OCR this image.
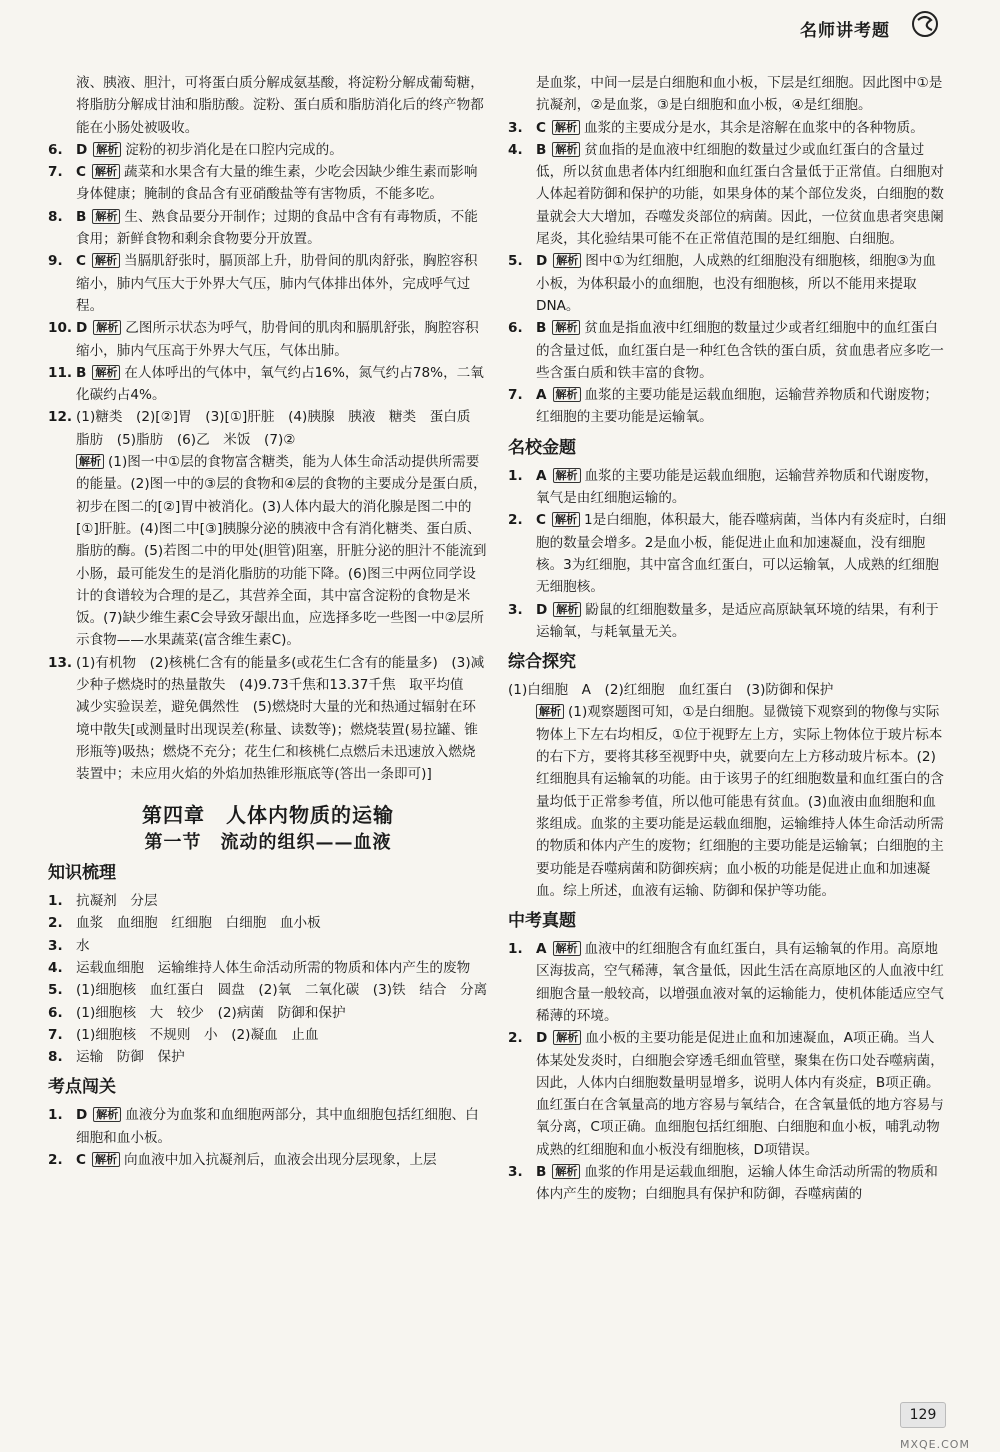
名师讲考题
液、胰液、胆汁，可将蛋白质分解成氨基酸，将淀粉分解成葡萄糖，将脂肪分解成甘油和脂肪酸。淀粉、蛋白质和脂肪消化后的终产物都能在小肠处被吸收。
6. D 解析 淀粉的初步消化是在口腔内完成的。
7. C 解析 蔬菜和水果含有大量的维生素，少吃会因缺少维生素而影响身体健康；腌制的食品含有亚硝酸盐等有害物质，不能多吃。
8. B 解析 生、熟食品要分开制作；过期的食品中含有有毒物质，不能食用；新鲜食物和剩余食物要分开放置。
9. C 解析 当膈肌舒张时，膈顶部上升，肋骨间的肌肉舒张，胸腔容积缩小，肺内气压大于外界大气压，肺内气体排出体外，完成呼气过程。
10. D 解析 乙图所示状态为呼气，肋骨间的肌肉和膈肌舒张，胸腔容积缩小，肺内气压高于外界大气压，气体出肺。
11. B 解析 在人体呼出的气体中，氧气约占16%，氮气约占78%，二氧化碳约占4%。
12. (1)糖类　(2)[②]胃　(3)[①]肝脏　(4)胰腺　胰液　糖类　蛋白质　脂肪　(5)脂肪　(6)乙　米饭　(7)②
解析 (1)图一中①层的食物富含糖类，能为人体生命活动提供所需要的能量。(2)图一中的③层的食物和④层的食物的主要成分是蛋白质，初步在图二的[②]胃中被消化。(3)人体内最大的消化腺是图二中的[①]肝脏。(4)图二中[③]胰腺分泌的胰液中含有消化糖类、蛋白质、脂肪的酶。(5)若图二中的甲处(胆管)阻塞，肝脏分泌的胆汁不能流到小肠，最可能发生的是消化脂肪的功能下降。(6)图三中两位同学设计的食谱较为合理的是乙，其营养全面，其中富含淀粉的食物是米饭。(7)缺少维生素C会导致牙龈出血，应选择多吃一些图一中②层所示食物——水果蔬菜(富含维生素C)。
13. (1)有机物　(2)核桃仁含有的能量多(或花生仁含有的能量多)　(3)减少种子燃烧时的热量散失　(4)9.73千焦和13.37千焦　取平均值　减少实验误差，避免偶然性　(5)燃烧时大量的光和热通过辐射在环境中散失[或测量时出现误差(称量、读数等)；燃烧装置(易拉罐、锥形瓶等)吸热；燃烧不充分；花生仁和核桃仁点燃后未迅速放入燃烧装置中；未应用火焰的外焰加热锥形瓶底等(答出一条即可)]
第四章　人体内物质的运输
第一节　流动的组织——血液
知识梳理
1. 抗凝剂　分层
2. 血浆　血细胞　红细胞　白细胞　血小板
3. 水
4. 运载血细胞　运输维持人体生命活动所需的物质和体内产生的废物
5. (1)细胞核　血红蛋白　圆盘　(2)氧　二氧化碳　(3)铁　结合　分离
6. (1)细胞核　大　较少　(2)病菌　防御和保护
7. (1)细胞核　不规则　小　(2)凝血　止血
8. 运输　防御　保护
考点闯关
1. D 解析 血液分为血浆和血细胞两部分，其中血细胞包括红细胞、白细胞和血小板。
2. C 解析 向血液中加入抗凝剂后，血液会出现分层现象，上层
是血浆，中间一层是白细胞和血小板，下层是红细胞。因此图中①是抗凝剂，②是血浆，③是白细胞和血小板，④是红细胞。
3. C 解析 血浆的主要成分是水，其余是溶解在血浆中的各种物质。
4. B 解析 贫血指的是血液中红细胞的数量过少或血红蛋白的含量过低，所以贫血患者体内红细胞和血红蛋白含量低于正常值。白细胞对人体起着防御和保护的功能，如果身体的某个部位发炎，白细胞的数量就会大大增加，吞噬发炎部位的病菌。因此，一位贫血患者突患阑尾炎，其化验结果可能不在正常值范围的是红细胞、白细胞。
5. D 解析 图中①为红细胞，人成熟的红细胞没有细胞核，细胞③为血小板，为体积最小的血细胞，也没有细胞核，所以不能用来提取DNA。
6. B 解析 贫血是指血液中红细胞的数量过少或者红细胞中的血红蛋白的含量过低，血红蛋白是一种红色含铁的蛋白质，贫血患者应多吃一些含蛋白质和铁丰富的食物。
7. A 解析 血浆的主要功能是运载血细胞，运输营养物质和代谢废物；红细胞的主要功能是运输氧。
名校金题
1. A 解析 血浆的主要功能是运载血细胞，运输营养物质和代谢废物，氧气是由红细胞运输的。
2. C 解析 1是白细胞，体积最大，能吞噬病菌，当体内有炎症时，白细胞的数量会增多。2是血小板，能促进止血和加速凝血，没有细胞核。3为红细胞，其中富含血红蛋白，可以运输氧，人成熟的红细胞无细胞核。
3. D 解析 鼢鼠的红细胞数量多，是适应高原缺氧环境的结果，有利于运输氧，与耗氧量无关。
综合探究
(1)白细胞　A　(2)红细胞　血红蛋白　(3)防御和保护
解析 (1)观察题图可知，①是白细胞。显微镜下观察到的物像与实际物体上下左右均相反，①位于视野左上方，实际上物体位于玻片标本的右下方，要将其移至视野中央，就要向左上方移动玻片标本。(2)红细胞具有运输氧的功能。由于该男子的红细胞数量和血红蛋白的含量均低于正常参考值，所以他可能患有贫血。(3)血液由血细胞和血浆组成。血浆的主要功能是运载血细胞，运输维持人体生命活动所需的物质和体内产生的废物；红细胞的主要功能是运输氧；白细胞的主要功能是吞噬病菌和防御疾病；血小板的功能是促进止血和加速凝血。综上所述，血液有运输、防御和保护等功能。
中考真题
1. A 解析 血液中的红细胞含有血红蛋白，具有运输氧的作用。高原地区海拔高，空气稀薄，氧含量低，因此生活在高原地区的人血液中红细胞含量一般较高，以增强血液对氧的运输能力，使机体能适应空气稀薄的环境。
2. D 解析 血小板的主要功能是促进止血和加速凝血，A项正确。当人体某处发炎时，白细胞会穿透毛细血管壁，聚集在伤口处吞噬病菌，因此，人体内白细胞数量明显增多，说明人体内有炎症，B项正确。血红蛋白在含氧量高的地方容易与氧结合，在含氧量低的地方容易与氧分离，C项正确。血细胞包括红细胞、白细胞和血小板，哺乳动物成熟的红细胞和血小板没有细胞核，D项错误。
3. B 解析 血浆的作用是运载血细胞，运输人体生命活动所需的物质和体内产生的废物；白细胞具有保护和防御，吞噬病菌的
129
MXQE.COM
